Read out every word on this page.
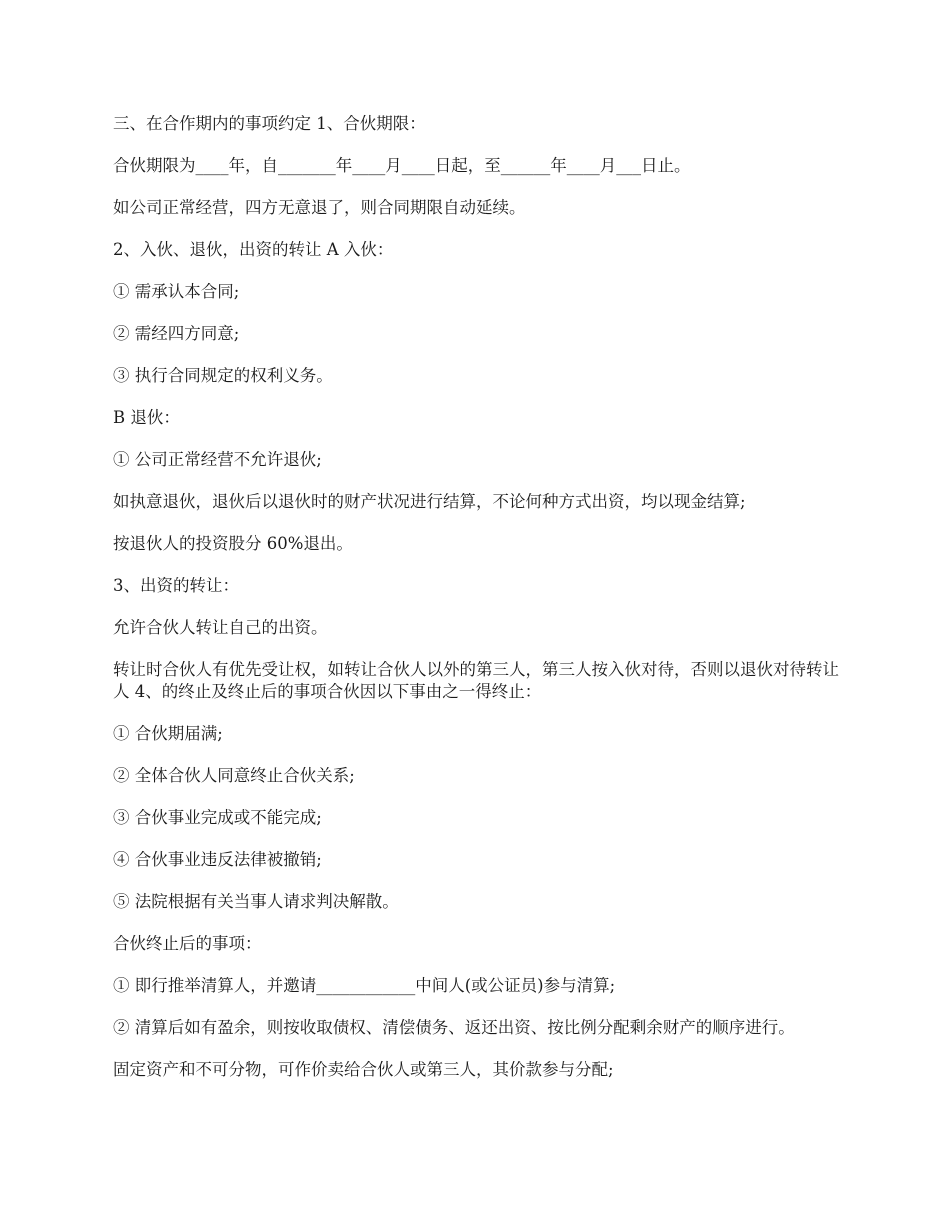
三、在合作期内的事项约定 1、合伙期限：

合伙期限为____年，自_______年____月____日起，至______年____月___日止。

如公司正常经营，四方无意退了，则合同期限自动延续。

2、入伙、退伙，出资的转让 A 入伙：

① 需承认本合同;

② 需经四方同意;

③ 执行合同规定的权利义务。

B 退伙：

① 公司正常经营不允许退伙;

如执意退伙，退伙后以退伙时的财产状况进行结算，不论何种方式出资，均以现金结算;

按退伙人的投资股分 60%退出。

3、出资的转让：

允许合伙人转让自己的出资。

转让时合伙人有优先受让权，如转让合伙人以外的第三人，第三人按入伙对待，否则以退伙对待转让人 4、的终止及终止后的事项合伙因以下事由之一得终止：

① 合伙期届满;

② 全体合伙人同意终止合伙关系;

③ 合伙事业完成或不能完成;

④ 合伙事业违反法律被撤销;

⑤ 法院根据有关当事人请求判决解散。

合伙终止后的事项：

① 即行推举清算人，并邀请____________中间人(或公证员)参与清算;

② 清算后如有盈余，则按收取债权、清偿债务、返还出资、按比例分配剩余财产的顺序进行。

固定资产和不可分物，可作价卖给合伙人或第三人，其价款参与分配;
